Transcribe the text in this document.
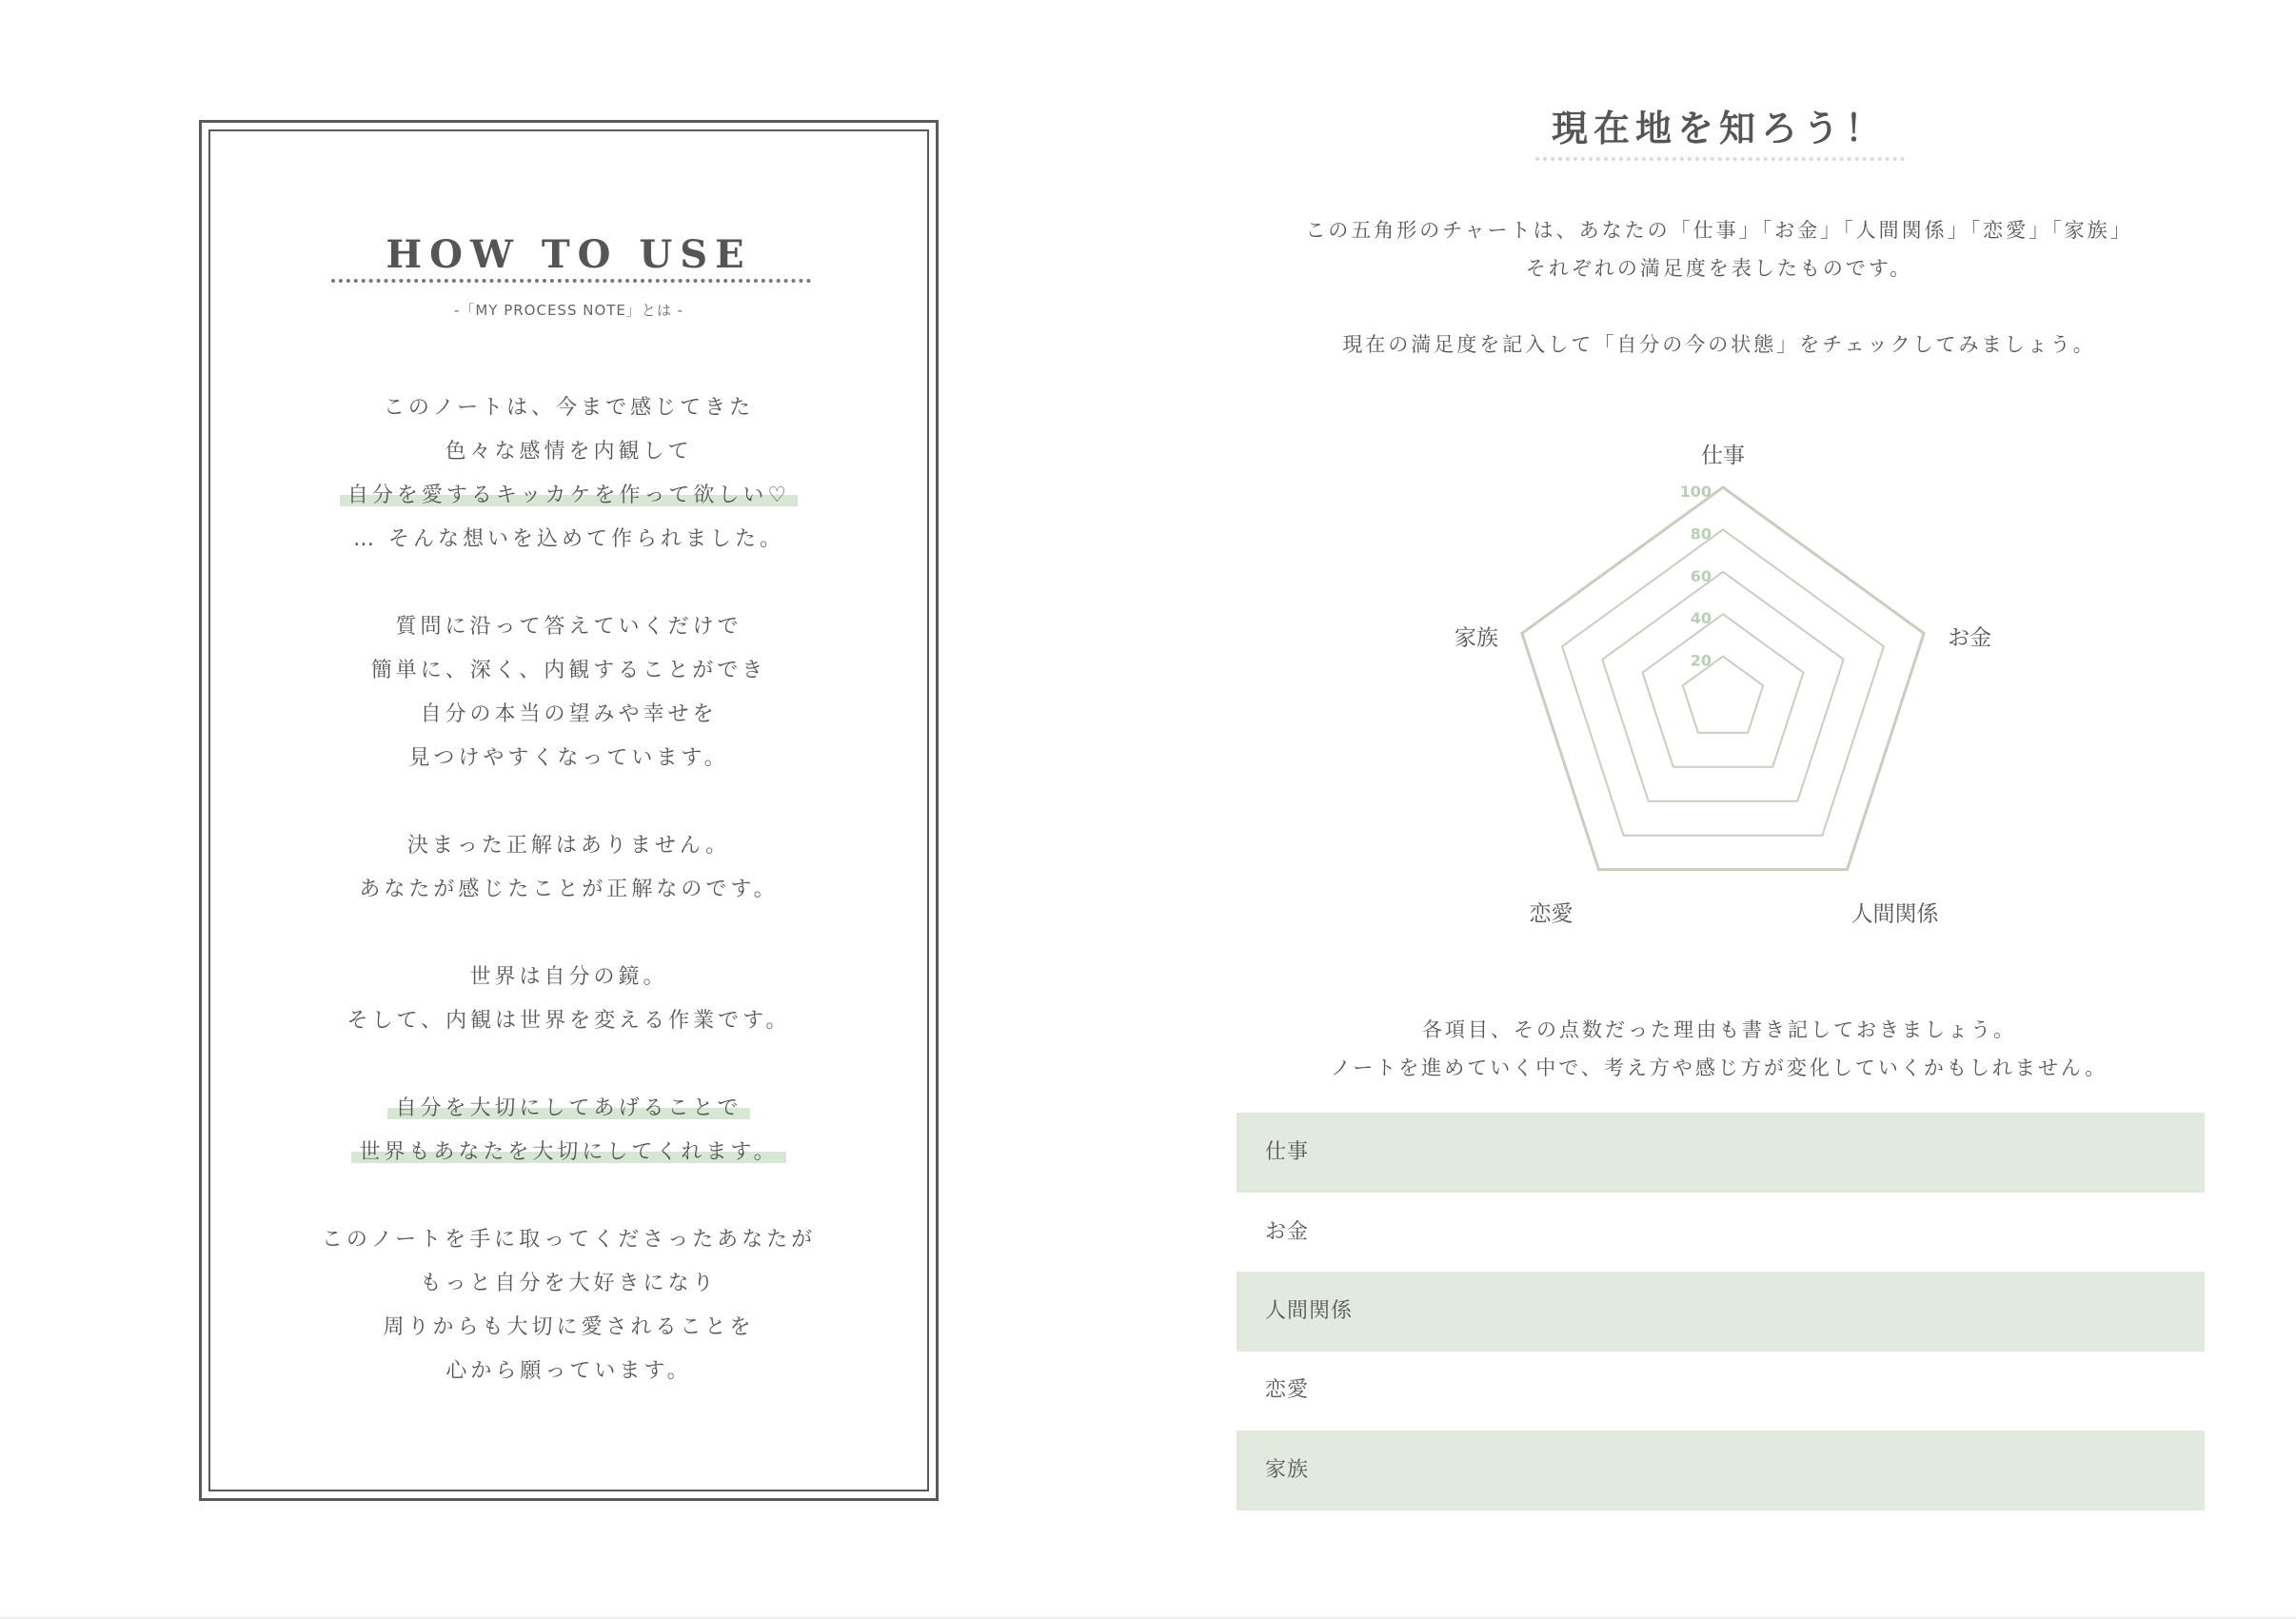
HOW TO USE
-「MY PROCESS NOTE」とは -
このノートは、今まで感じてきた
色々な感情を内観して
自分を愛するキッカケを作って欲しい♡
… そんな想いを込めて作られました。
質問に沿って答えていくだけで
簡単に、深く、内観することができ
自分の本当の望みや幸せを
見つけやすくなっています。
決まった正解はありません。
あなたが感じたことが正解なのです。
世界は自分の鏡。
そして、内観は世界を変える作業です。
自分を大切にしてあげることで
世界もあなたを大切にしてくれます。
このノートを手に取ってくださったあなたが
もっと自分を大好きになり
周りからも大切に愛されることを
心から願っています。
現在地を知ろう！
この五角形のチャートは、あなたの「仕事」「お金」「人間関係」「恋愛」「家族」
それぞれの満足度を表したものです。
現在の満足度を記入して「自分の今の状態」をチェックしてみましょう。
20
40
60
80
100
仕事
お金
人間関係
恋愛
家族
各項目、その点数だった理由も書き記しておきましょう。
ノートを進めていく中で、考え方や感じ方が変化していくかもしれません。
仕事
お金
人間関係
恋愛
家族
